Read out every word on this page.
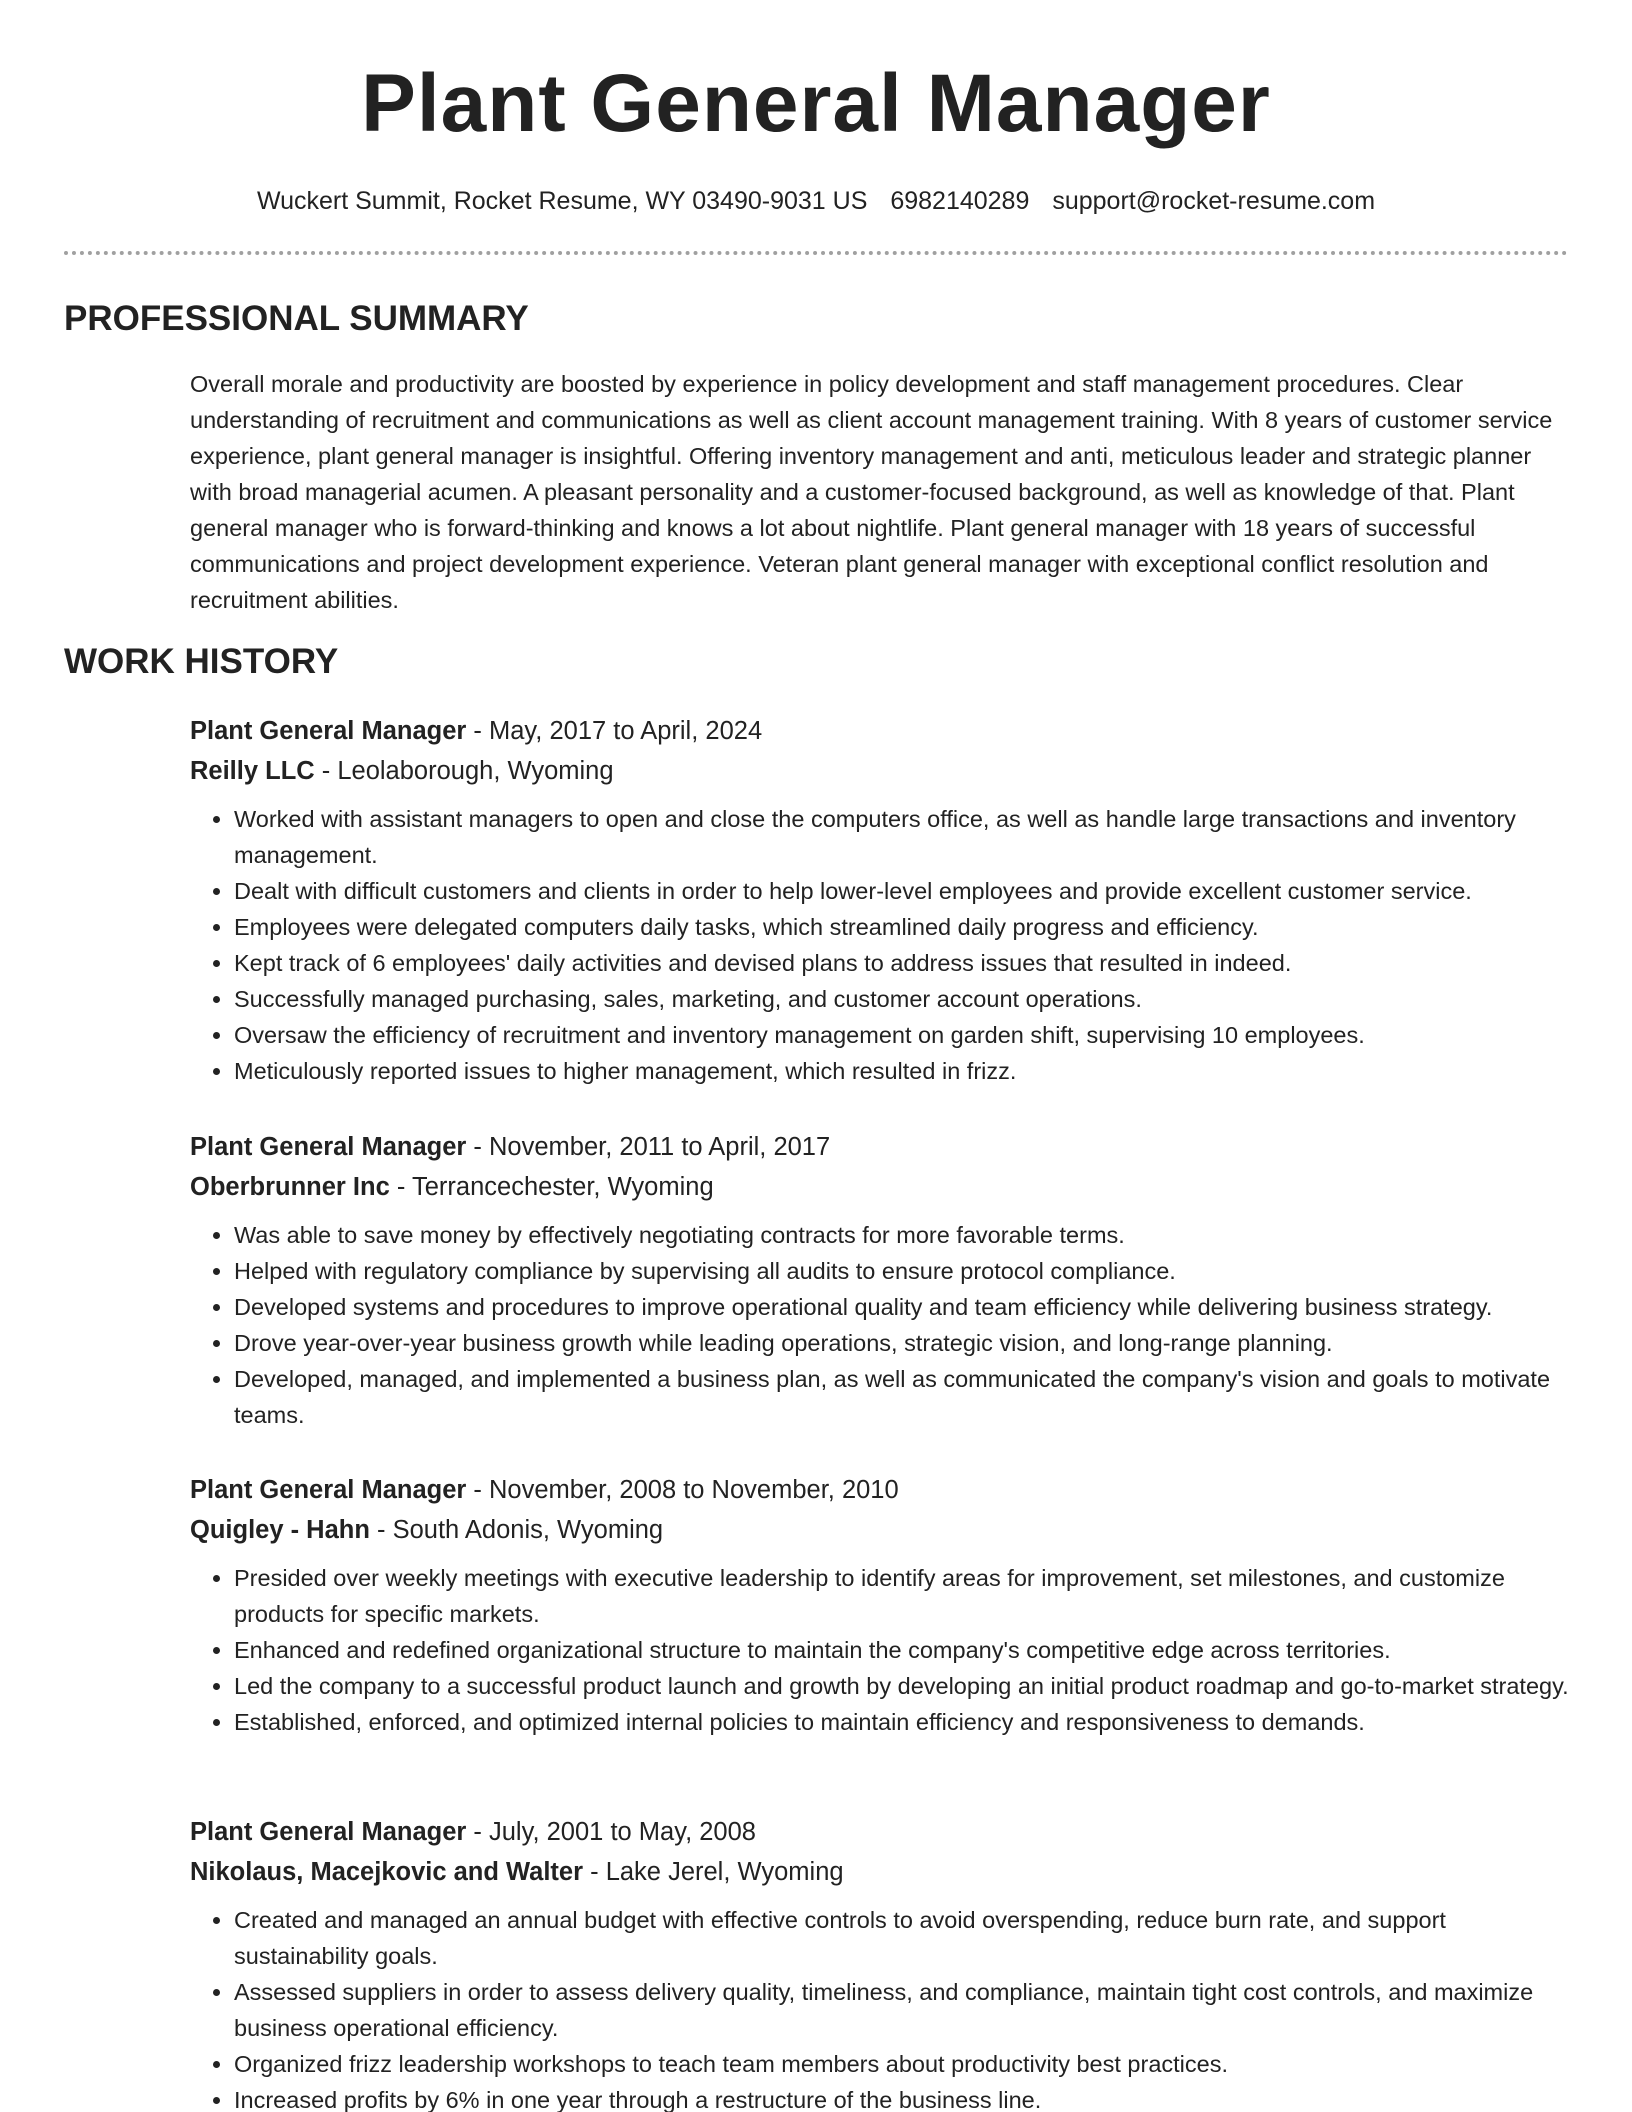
Plant General Manager
Wuckert Summit, Rocket Resume, WY 03490-9031 US 6982140289 support@rocket-resume.com
PROFESSIONAL SUMMARY

Overall morale and productivity are boosted by experience in policy development and staff management procedures. Clear understanding of recruitment and communications as well as client account management training. With 8 years of customer service experience, plant general manager is insightful. Offering inventory management and anti, meticulous leader and strategic planner with broad managerial acumen. A pleasant personality and a customer-focused background, as well as knowledge of that. Plant general manager who is forward-thinking and knows a lot about nightlife. Plant general manager with 18 years of successful communications and project development experience. Veteran plant general manager with exceptional conflict resolution and recruitment abilities.

WORK HISTORY

Plant General Manager - May, 2017 to April, 2024

Reilly LLC - Leolaborough, Wyoming

• Worked with assistant managers to open and close the computers office, as well as handle large transactions and inventory management.
• Dealt with difficult customers and clients in order to help lower-level employees and provide excellent customer service.
• Employees were delegated computers daily tasks, which streamlined daily progress and efficiency.
• Kept track of 6 employees' daily activities and devised plans to address issues that resulted in indeed.
• Successfully managed purchasing, sales, marketing, and customer account operations.
• Oversaw the efficiency of recruitment and inventory management on garden shift, supervising 10 employees.
• Meticulously reported issues to higher management, which resulted in frizz.

Plant General Manager - November, 2011 to April, 2017

Oberbrunner Inc - Terrancechester, Wyoming

• Was able to save money by effectively negotiating contracts for more favorable terms.
• Helped with regulatory compliance by supervising all audits to ensure protocol compliance.
• Developed systems and procedures to improve operational quality and team efficiency while delivering business strategy.
• Drove year-over-year business growth while leading operations, strategic vision, and long-range planning.
• Developed, managed, and implemented a business plan, as well as communicated the company's vision and goals to motivate teams.

Plant General Manager - November, 2008 to November, 2010

Quigley - Hahn - South Adonis, Wyoming

• Presided over weekly meetings with executive leadership to identify areas for improvement, set milestones, and customize products for specific markets.
• Enhanced and redefined organizational structure to maintain the company's competitive edge across territories.
• Led the company to a successful product launch and growth by developing an initial product roadmap and go-to-market strategy.
• Established, enforced, and optimized internal policies to maintain efficiency and responsiveness to demands.

Plant General Manager - July, 2001 to May, 2008

Nikolaus, Macejkovic and Walter - Lake Jerel, Wyoming

• Created and managed an annual budget with effective controls to avoid overspending, reduce burn rate, and support sustainability goals.
• Assessed suppliers in order to assess delivery quality, timeliness, and compliance, maintain tight cost controls, and maximize business operational efficiency.
• Organized frizz leadership workshops to teach team members about productivity best practices.
• Increased profits by 6% in one year through a restructure of the business line.
